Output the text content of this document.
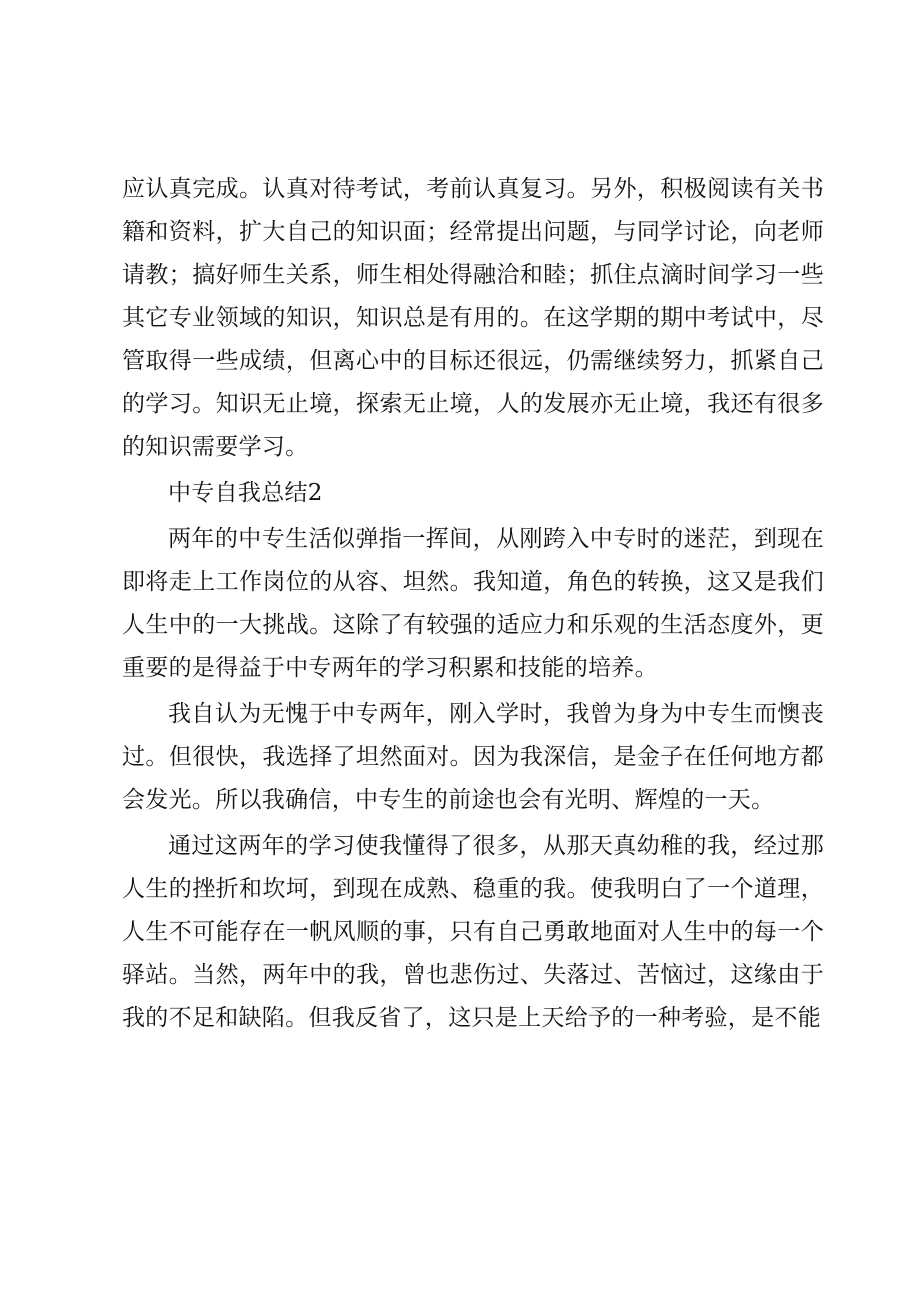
应认真完成。认真对待考试，考前认真复习。另外，积极阅读有关书籍和资料，扩大自己的知识面；经常提出问题，与同学讨论，向老师请教；搞好师生关系，师生相处得融洽和睦；抓住点滴时间学习一些其它专业领域的知识，知识总是有用的。在这学期的期中考试中，尽管取得一些成绩，但离心中的目标还很远，仍需继续努力，抓紧自己的学习。知识无止境，探索无止境，人的发展亦无止境，我还有很多的知识需要学习。

中专自我总结2

两年的中专生活似弹指一挥间，从刚跨入中专时的迷茫，到现在即将走上工作岗位的从容、坦然。我知道，角色的转换，这又是我们人生中的一大挑战。这除了有较强的适应力和乐观的生活态度外，更重要的是得益于中专两年的学习积累和技能的培养。

我自认为无愧于中专两年，刚入学时，我曾为身为中专生而懊丧过。但很快，我选择了坦然面对。因为我深信，是金子在任何地方都会发光。所以我确信，中专生的前途也会有光明、辉煌的一天。

通过这两年的学习使我懂得了很多，从那天真幼稚的我，经过那人生的挫折和坎坷，到现在成熟、稳重的我。使我明白了一个道理，人生不可能存在一帆风顺的事，只有自己勇敢地面对人生中的每一个驿站。当然，两年中的我，曾也悲伤过、失落过、苦恼过，这缘由于我的不足和缺陷。但我反省了，这只是上天给予的一种考验，是不能
